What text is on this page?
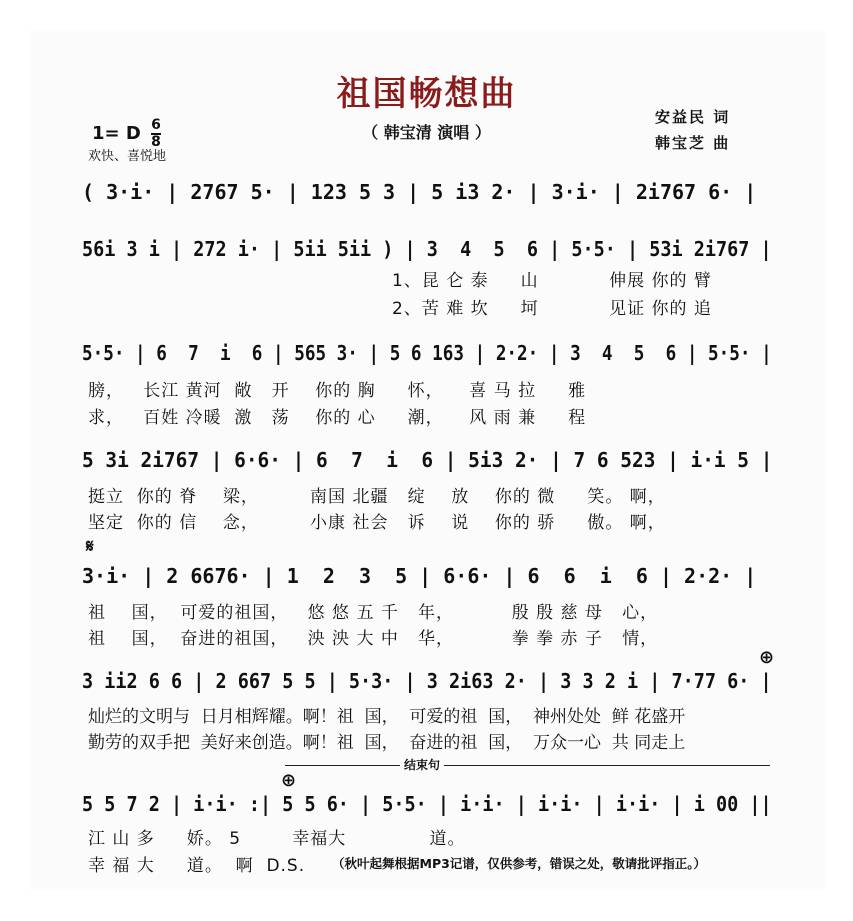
祖国畅想曲
（ 韩宝清 演唱 ）
1= D $\frac{6}{8}$
欢快、喜悦地
安益民 词
韩宝芝 曲
( 3·i· | 2767 5· | 123 5 3 | 5 i3 2· | 3·i· | 2i767 6· |
56i 3 i | 272 i· | 5ii 5ii ) | 3  4  5  6 | 5·5· | 53i 2i767 |
1、昆 仑 泰     山           伸展 你的 臂
2、苦 难 坎     坷           见证 你的 追
5·5· | 6  7  i  6 | 565 3· | 5 6 163 | 2·2· | 3  4  5  6 | 5·5· |
膀，   长江 黄河  敞   开    你的 胸     怀，    喜 马 拉     雅
求，   百姓 冷暖  激   荡    你的 心     潮，    风 雨 兼     程
5 3i 2i767 | 6·6· | 6  7  i  6 | 5i3 2· | 7 6 523 | i·i 5 |
挺立  你的 脊    梁，        南国 北疆   绽    放    你的 微     笑。 啊，
坚定  你的 信    念，        小康 社会   诉    说    你的 骄     傲。 啊，
𝄋
3·i· | 2 6676· | 1  2  3  5 | 6·6· | 6  6  i  6 | 2·2· |
祖    国，  可爱的祖国，   悠 悠 五 千   年，         殷 殷 慈 母   心，
祖    国，  奋进的祖国，   泱 泱 大 中   华，         拳 拳 赤 子   情，
⊕
3 ii2 6 6 | 2 667 5 5 | 5·3· | 3 2i63 2· | 3 3 2 i | 7·77 6· |
灿烂的文明与  日月相辉耀。啊！祖  国，  可爱的祖  国，  神州处处  鲜 花盛开
勤劳的双手把  美好来创造。啊！祖  国，  奋进的祖  国，  万众一心  共 同走上
结束句
⊕
5 5 7 2 | i·i· :| 5 5 6· | 5·5· | i·i· | i·i· | i·i· | i 00 ||
江 山 多     娇。 5        幸福大             道。
幸 福 大     道。  啊  D.S. （秋叶起舞根据MP3记谱，仅供参考，错误之处，敬请批评指正。）
